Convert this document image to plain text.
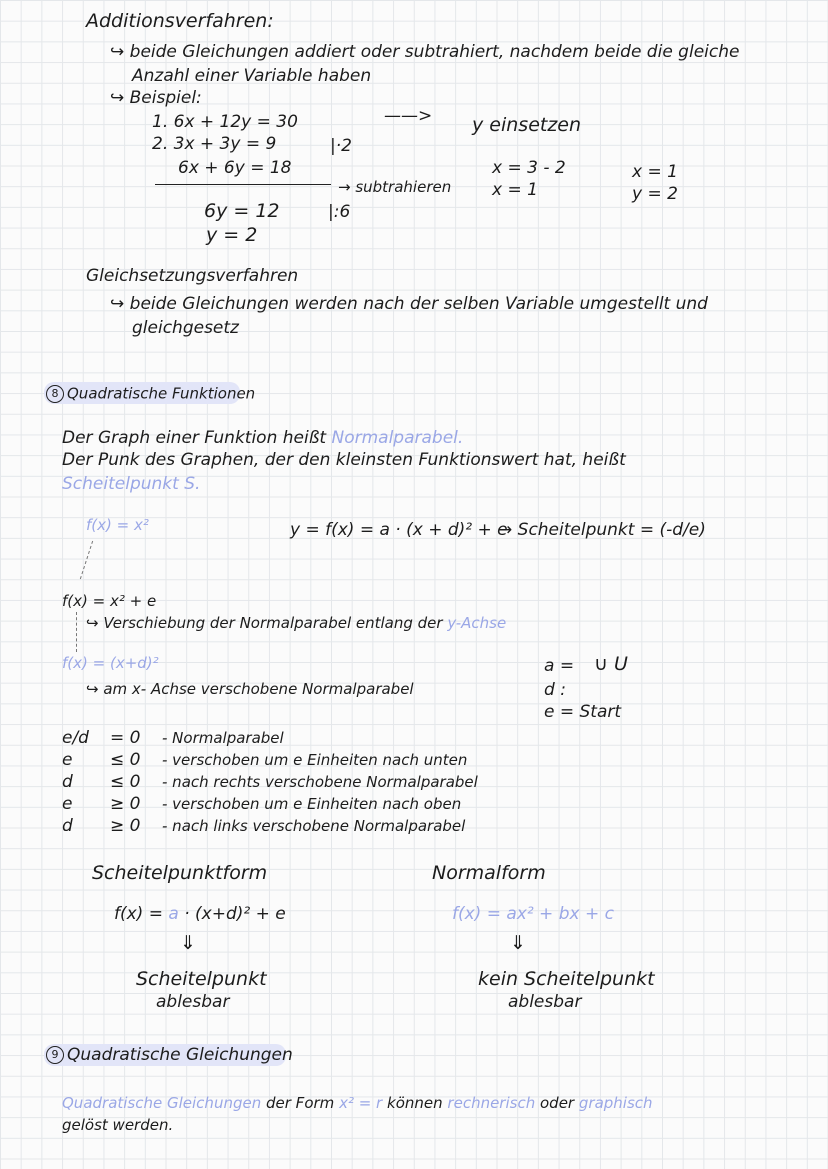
Additionsverfahren:
↪ beide Gleichungen addiert oder subtrahiert, nachdem beide die gleiche
Anzahl einer Variable haben
↪ Beispiel:
1. 6x + 12y = 30
2. 3x + 3y = 9	|·2
6x + 6y = 18
→ subtrahieren
6y = 12	|:6
y = 2
——> y einsetzen
x = 3 - 2
x = 1
x = 1
y = 2
Gleichsetzungsverfahren
↪ beide Gleichungen werden nach der selben Variable umgestellt und
gleichgesetz
8 Quadratische Funktionen
Der Graph einer Funktion heißt Normalparabel.
Der Punk des Graphen, der den kleinsten Funktionswert hat, heißt
Scheitelpunkt S.
f(x) = x²	y = f(x) = a · (x + d)² + e
→ Scheitelpunkt = (-d/e)
f(x) = x² + e
↪ Verschiebung der Normalparabel entlang der y-Achse
f(x) = (x+d)²
↪ am x- Achse verschobene Normalparabel
a = ∪ U
d :
e = Start
e/d = 0 - Normalparabel
e ≤ 0 - verschoben um e Einheiten nach unten
d ≤ 0 - nach rechts verschobene Normalparabel
e ≥ 0 - verschoben um e Einheiten nach oben
d ≥ 0 - nach links verschobene Normalparabel
Scheitelpunktform
f(x) = a · (x+d)² + e
⇓
Scheitelpunkt
ablesbar
Normalform
f(x) = ax² + bx + c
⇓
kein Scheitelpunkt
ablesbar
9 Quadratische Gleichungen
Quadratische Gleichungen der Form x² = r können rechnerisch oder graphisch
gelöst werden.
